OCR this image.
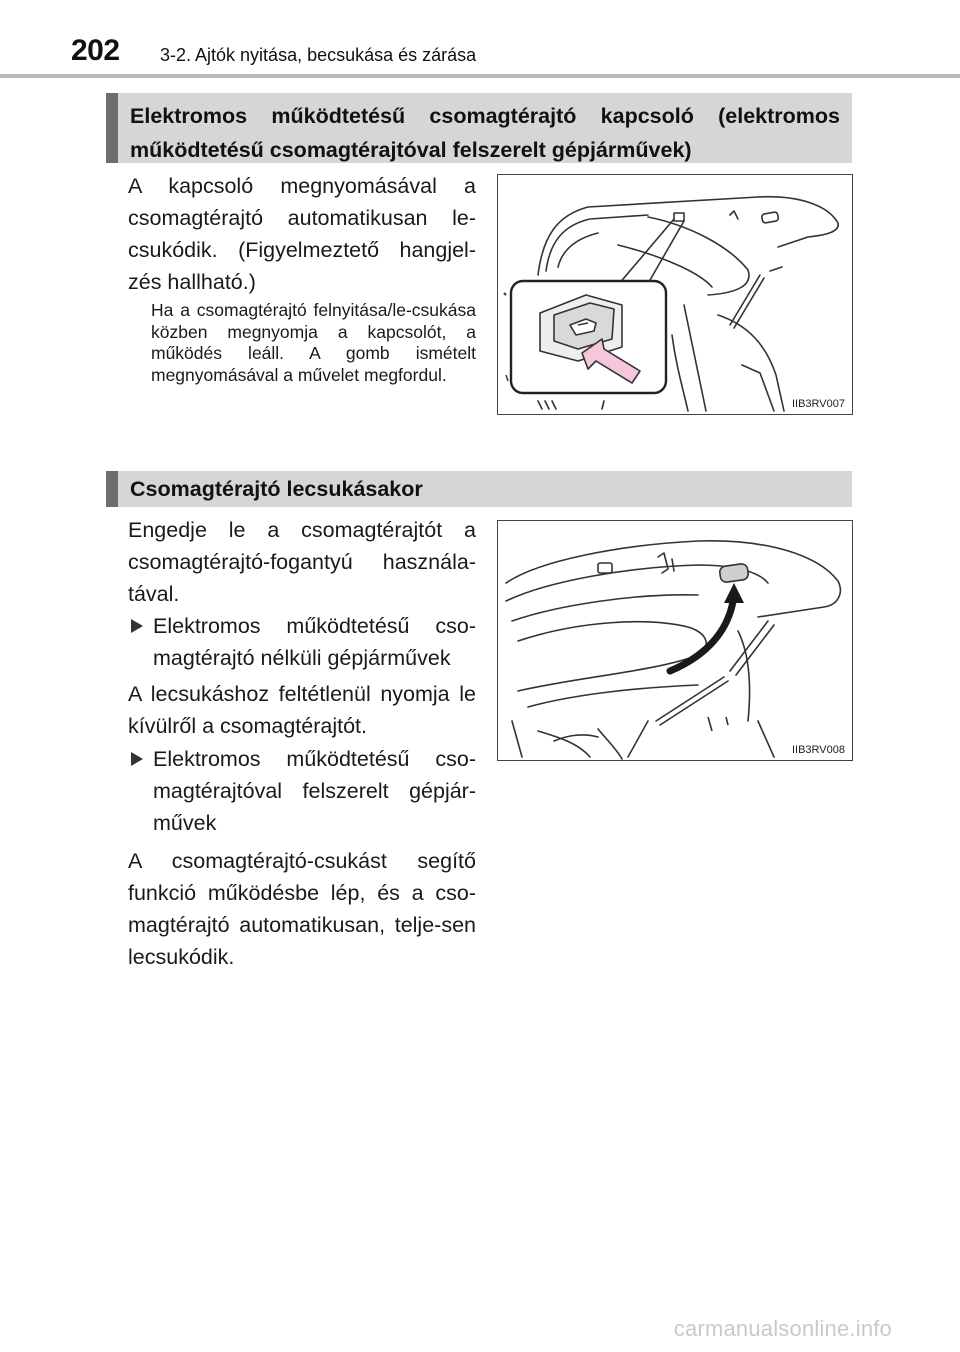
202 3-2. Ajtók nyitása, becsukása és zárása
Elektromos működtetésű csomagtérajtó kapcsoló (elektromos működtetésű csomagtérajtóval felszerelt gépjárművek)
A kapcsoló megnyomásával a csomagtérajtó automatikusan le-csukódik. (Figyelmeztető hangjel-zés hallható.)
Ha a csomagtérajtó felnyitása/le-csukása közben megnyomja a kapcsolót, a működés leáll. A gomb ismételt megnyomásával a művelet megfordul.
IIB3RV007
Csomagtérajtó lecsukásakor
Engedje le a csomagtérajtót a csomagtérajtó-fogantyú használa-tával.
Elektromos működtetésű cso-magtérajtó nélküli gépjárművek
A lecsukáshoz feltétlenül nyomja le kívülről a csomagtérajtót.
Elektromos működtetésű cso-magtérajtóval felszerelt gépjár-művek
A csomagtérajtó-csukást segítő funkció működésbe lép, és a cso-magtérajtó automatikusan, telje-sen lecsukódik.
IIB3RV008
carmanualsonline.info
